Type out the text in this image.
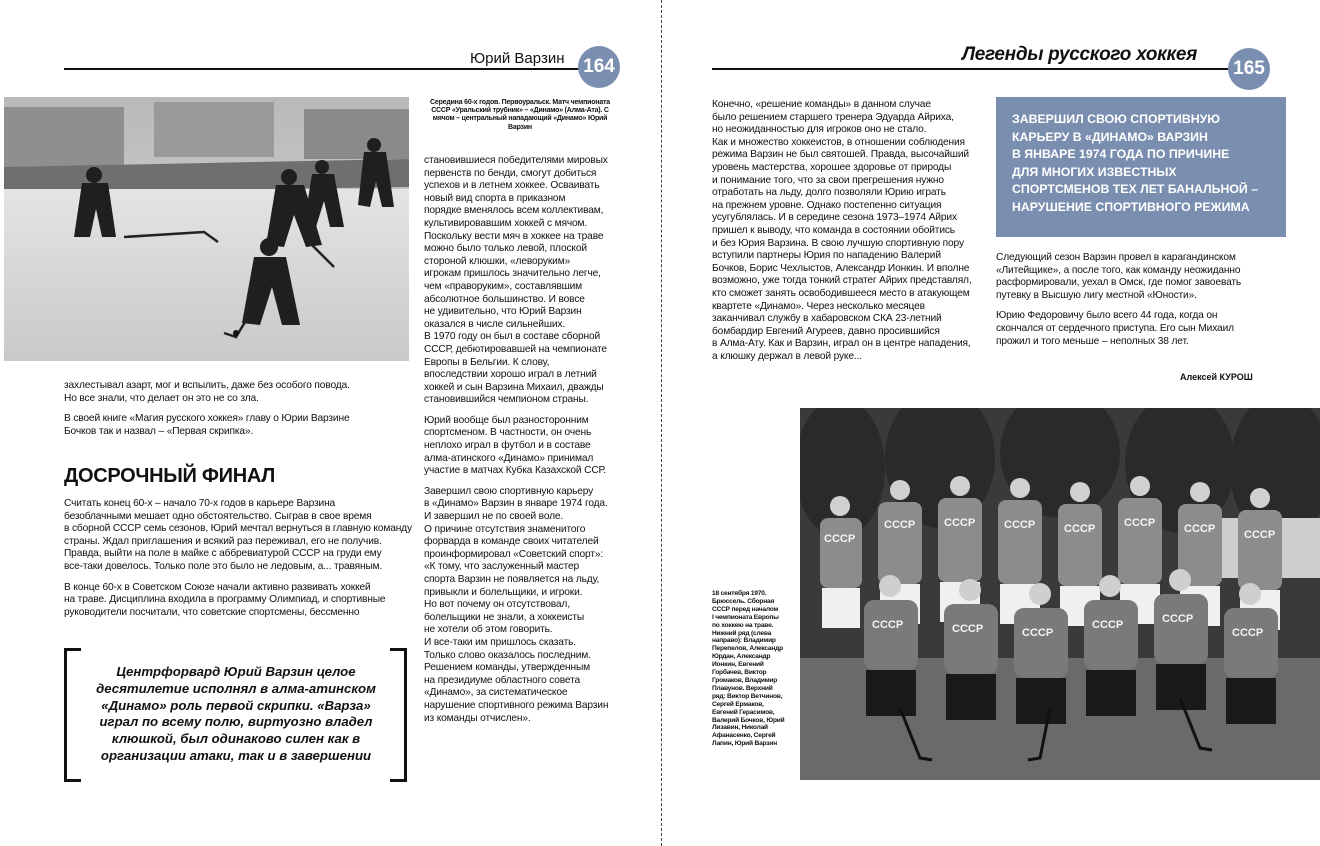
Юрий Варзин 164
Середина 60-х годов. Первоуральск. Матч чемпионата СССР «Уральский трубник» – «Динамо» (Алма-Ата). С мячом – центральный нападающий «Динамо» Юрий Варзин

захлестывал азарт, мог и вспылить, даже без особого повода.
Но все знали, что делает он это не со зла.

В своей книге «Магия русского хоккея» главу о Юрии Варзине
Бочков так и назвал – «Первая скрипка».

ДОСРОЧНЫЙ ФИНАЛ

Считать конец 60-х – начало 70-х годов в карьере Варзина
безоблачными мешает одно обстоятельство. Сыграв в свое время
в сборной СССР семь сезонов, Юрий мечтал вернуться в главную команду
страны. Ждал приглашения и всякий раз переживал, его не получив.
Правда, выйти на поле в майке с аббревиатурой СССР на груди ему
все-таки довелось. Только поле это было не ледовым, а... травяным.

В конце 60-х в Советском Союзе начали активно развивать хоккей
на траве. Дисциплина входила в программу Олимпиад, и спортивные
руководители посчитали, что советские спортсмены, бессменно

Центрфорвард Юрий Варзин целое десятилетие исполнял в алма-атинском «Динамо» роль первой скрипки. «Варза» играл по всему полю, виртуозно владел клюшкой, был одинаково силен как в организации атаки, так и в завершении

становившиеся победителями мировых
первенств по бенди, смогут добиться
успехов и в летнем хоккее. Осваивать
новый вид спорта в приказном
порядке вменялось всем коллективам,
культивировавшим хоккей с мячом.
Поскольку вести мяч в хоккее на траве
можно было только левой, плоской
стороной клюшки, «леворуким»
игрокам пришлось значительно легче,
чем «праворуким», составлявшим
абсолютное большинство. И вовсе
не удивительно, что Юрий Варзин
оказался в числе сильнейших.
В 1970 году он был в составе сборной
СССР, дебютировавшей на чемпионате
Европы в Бельгии. К слову,
впоследствии хорошо играл в летний
хоккей и сын Варзина Михаил, дважды
становившийся чемпионом страны.

Юрий вообще был разносторонним
спортсменом. В частности, он очень
неплохо играл в футбол и в составе
алма-атинского «Динамо» принимал
участие в матчах Кубка Казахской ССР.

Завершил свою спортивную карьеру
в «Динамо» Варзин в январе 1974 года.
И завершил не по своей воле.
О причине отсутствия знаменитого
форварда в команде своих читателей
проинформировал «Советский спорт»:
«К тому, что заслуженный мастер
спорта Варзин не появляется на льду,
привыкли и болельщики, и игроки.
Но вот почему он отсутствовал,
болельщики не знали, а хоккеисты
не хотели об этом говорить.
И все-таки им пришлось сказать.
Только слово оказалось последним.
Решением команды, утвержденным
на президиуме областного совета
«Динамо», за систематическое
нарушение спортивного режима Варзин
из команды отчислен».

Легенды русского хоккея
165

Конечно, «решение команды» в данном случае
было решением старшего тренера Эдуарда Айриха,
но неожиданностью для игроков оно не стало.
Как и множество хоккеистов, в отношении соблюдения
режима Варзин не был святошей. Правда, высочайший
уровень мастерства, хорошее здоровье от природы
и понимание того, что за свои прегрешения нужно
отработать на льду, долго позволяли Юрию играть
на прежнем уровне. Однако постепенно ситуация
усугублялась. И в середине сезона 1973–1974 Айрих
пришел к выводу, что команда в состоянии обойтись
и без Юрия Варзина. В свою лучшую спортивную пору
вступили партнеры Юрия по нападению Валерий
Бочков, Борис Чехлыстов, Александр Ионкин. И вполне
возможно, уже тогда тонкий стратег Айрих представлял,
кто сможет занять освободившееся место в атакующем
квартете «Динамо». Через несколько месяцев
заканчивал службу в хабаровском СКА 23-летний
бомбардир Евгений Агуреев, давно просившийся
в Алма-Ату. Как и Варзин, играл он в центре нападения,
а клюшку держал в левой руке...

ЗАВЕРШИЛ СВОЮ СПОРТИВНУЮ
КАРЬЕРУ В «ДИНАМО» ВАРЗИН
В ЯНВАРЕ 1974 ГОДА ПО ПРИЧИНЕ
ДЛЯ МНОГИХ ИЗВЕСТНЫХ
СПОРТСМЕНОВ ТЕХ ЛЕТ БАНАЛЬНОЙ –
НАРУШЕНИЕ СПОРТИВНОГО РЕЖИМА

Следующий сезон Варзин провел в карагандинском
«Литейщике», а после того, как команду неожиданно
расформировали, уехал в Омск, где помог завоевать
путевку в Высшую лигу местной «Юности».

Юрию Федоровичу было всего 44 года, когда он
скончался от сердечного приступа. Его сын Михаил
прожил и того меньше – неполных 38 лет.

Алексей КУРОШ
18 сентября 1970.
Брюссель. Сборная
СССР перед началом
I чемпионата Европы
по хоккею на траве.
Нижний ряд (слева
направо): Владимир
Перепелов, Александр
Юрдан, Александр
Ионкин, Евгений
Горбачев, Виктор
Громаков, Владимир
Плавунов. Верхний
ряд: Виктор Ветчинов,
Сергей Ермаков,
Евгений Герасимов,
Валерий Бочков, Юрий
Лизавин, Николай
Афанасенко, Сергей
Лапин, Юрий Варзин
СССР
СССР	СССР	СССР	СССР	СССР	СССР	СССР
СССР	СССР	СССР
СССР	СССР
СССР
